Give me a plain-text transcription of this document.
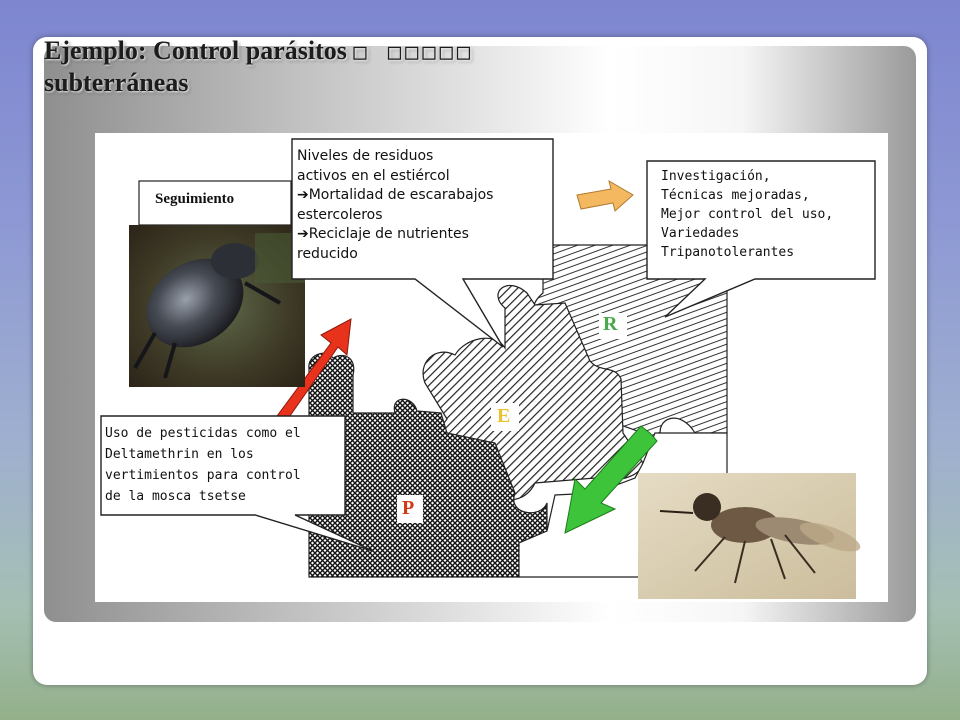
Ejemplo: Control parásitos □ □□□□□
subterráneas
Seguimiento
Niveles de residuos
activos en el estiércol
➔Mortalidad de escarabajos
estercoleros
➔Reciclaje de nutrientes
reducido
Investigación,
Técnicas mejoradas,
Mejor control del uso,
Variedades
Tripanotolerantes
Uso de pesticidas como el
Deltamethrin en los
vertimientos para control
de la mosca tsetse
R
E
P
